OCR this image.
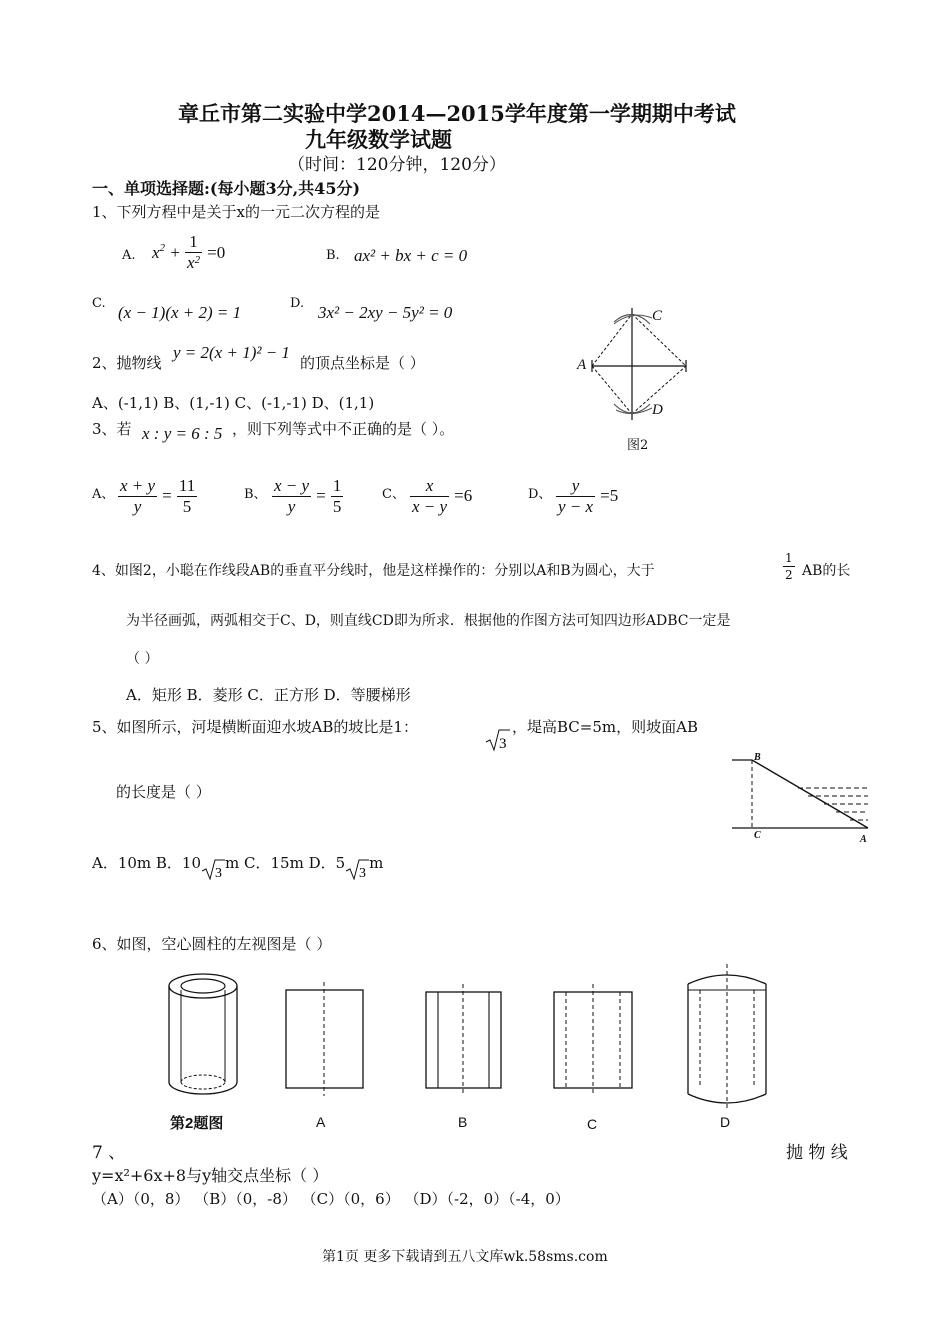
章丘市第二实验中学2014—2015学年度第一学期期中考试
九年级数学试题
（时间：120分钟，120分）
一、单项选择题:(每小题3分,共45分)
1、下列方程中是关于x的一元二次方程的是
A. $x^2 + \frac{1}{x^2} =0$	B. ax² + bx + c = 0
C. (x − 1)(x + 2) = 1	D. 3x² − 2xy − 5y² = 0
2、抛物线
y = 2(x + 1)² − 1
的顶点坐标是（ ）
A、(-1,1) B、(1,-1) C、(-1,-1) D、(1,1)
A
C
D
图2
3、若 x : y = 6 : 5 ，则下列等式中不正确的是（ ）。
A、 $\frac{x + y}{y} = \frac{11}{5}$	B、 $\frac{x - y}{y} = \frac{1}{5}$	C、 $\frac{x}{x - y} =6$	D、 $\frac{y}{y - x} =5$
4、如图2，小聪在作线段AB的垂直平分线时，他是这样操作的：分别以A和B为圆心，大于	$\frac{1}{2}$ AB的长
为半径画弧，两弧相交于C、D，则直线CD即为所求．根据他的作图方法可知四边形ADBC一定是
（ ）
A．矩形 B．菱形 C．正方形 D．等腰梯形
5、如图所示，河堤横断面迎水坡AB的坡比是1：
3
，堤高BC=5m，则坡面AB
的长度是（ ）
B
C	A
A．10m B．10
3
m C．15m D．5
3
m
6、如图，空心圆柱的左视图是（ ）
第2题图	A	B	C	D
7 、	抛 物 线
y=x²+6x+8与y轴交点坐标（ ）
（A）（0，8） （B）（0，-8） （C）（0，6） （D）（-2，0）（-4，0）
第1页 更多下载请到五八文库wk.58sms.com
